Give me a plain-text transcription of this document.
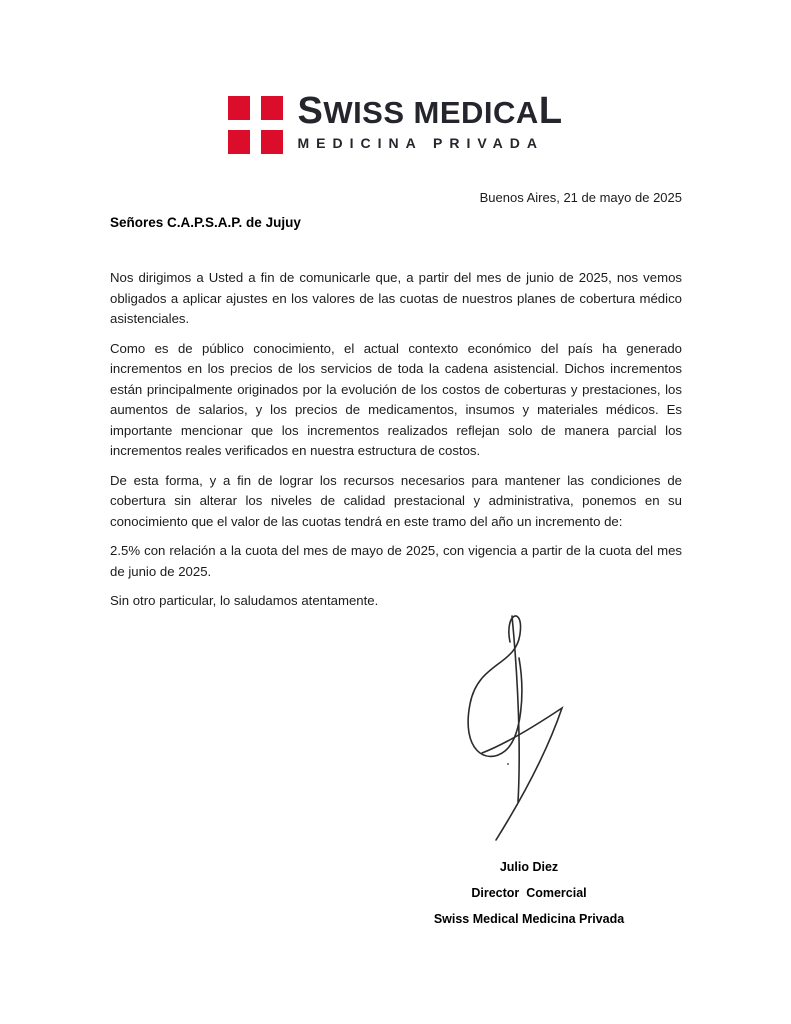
S WISS MEDICA L
MEDICINA PRIVADA
Buenos Aires, 21 de mayo de 2025
Señores C.A.P.S.A.P. de Jujuy

Nos dirigimos a Usted a fin de comunicarle que, a partir del mes de junio de 2025, nos vemos obligados a aplicar ajustes en los valores de las cuotas de nuestros planes de cobertura médico asistenciales.

Como es de público conocimiento, el actual contexto económico del país ha generado incrementos en los precios de los servicios de toda la cadena asistencial. Dichos incrementos están principalmente originados por la evolución de los costos de coberturas y prestaciones, los aumentos de salarios, y los precios de medicamentos, insumos y materiales médicos. Es importante mencionar que los incrementos realizados reflejan solo de manera parcial los incrementos reales verificados en nuestra estructura de costos.

De esta forma, y a fin de lograr los recursos necesarios para mantener las condiciones de cobertura sin alterar los niveles de calidad prestacional y administrativa, ponemos en su conocimiento que el valor de las cuotas tendrá en este tramo del año un incremento de:

2.5% con relación a la cuota del mes de mayo de 2025, con vigencia a partir de la cuota del mes de junio de 2025.

Sin otro particular, lo saludamos atentamente.

Julio Diez
Director  Comercial
Swiss Medical Medicina Privada
